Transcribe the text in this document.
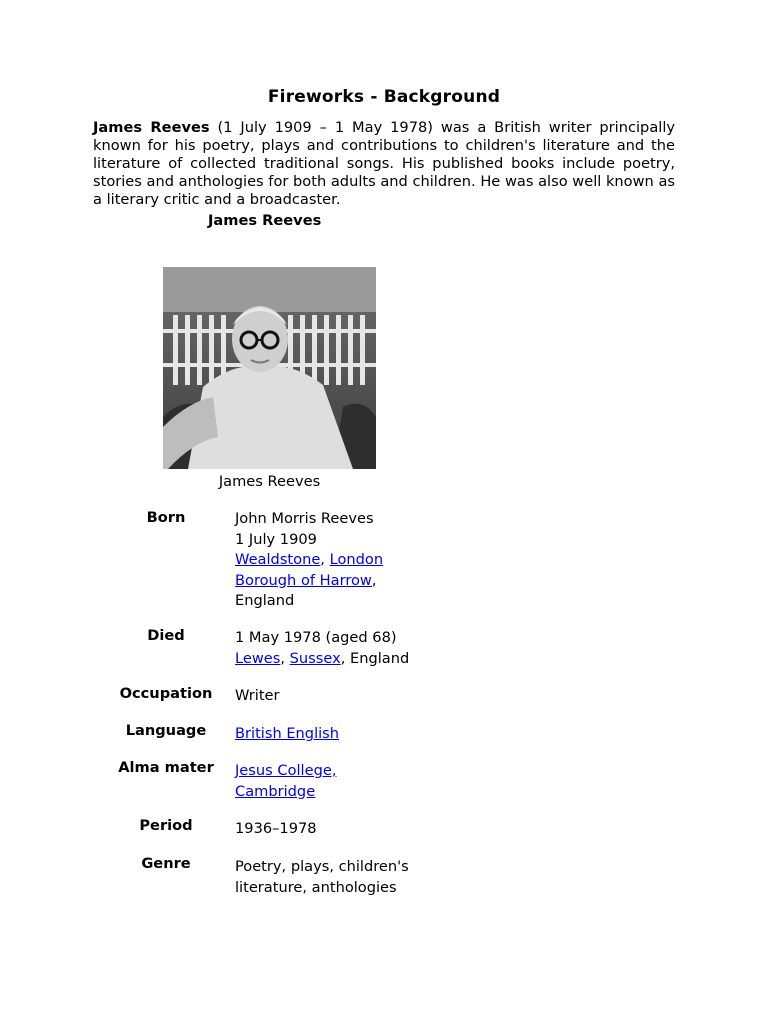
Fireworks - Background
James Reeves (1 July 1909 – 1 May 1978) was a British writer principally known for his poetry, plays and contributions to children's literature and the literature of collected traditional songs. His published books include poetry, stories and anthologies for both adults and children. He was also well known as a literary critic and a broadcaster.
James Reeves
James Reeves
Born	John Morris Reeves
1 July 1909
Wealdstone, London Borough of Harrow,
England
Died	1 May 1978 (aged 68)
Lewes, Sussex, England
Occupation	Writer
Language	British English
Alma mater	Jesus College, Cambridge
Period	1936–1978
Genre	Poetry, plays, children's literature, anthologies
